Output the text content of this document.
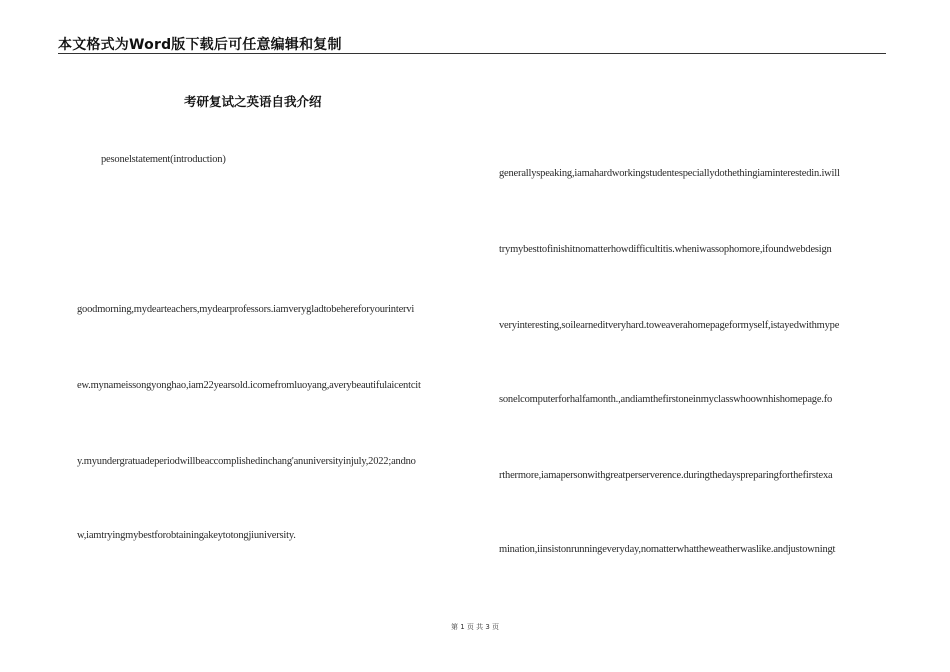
本文格式为Word版下载后可任意编辑和复制
考研复试之英语自我介绍
pesonelstatement(introduction)
goodmorning,mydearteachers,mydearprofessors.iamverygladtobehereforyourintervi
ew.mynameissongyonghao,iam22yearsold.icomefromluoyang,averybeautifulaicentcit
y.myundergratuadeperiodwillbeaccomplishedinchang'anuniversityinjuly,2022;andno
w,iamtryingmybestforobtainingakeytotongjiuniversity.
generallyspeaking,iamahardworkingstudentespeciallydothethingiaminterestedin.iwill
trymybesttofinishitnomatterhowdifficultitis.wheniwassophomore,ifoundwebdesign
veryinteresting,soilearneditveryhard.toweaverahomepageformyself,istayedwithmype
sonelcomputerforhalfamonth.,andiamthefirstoneinmyclasswhoownhishomepage.fo
rthermore,iamapersonwithgreatperserverence.duringthedayspreparingforthefirstexa
mination,iinsistonrunningeveryday,nomatterwhattheweatherwaslike.andjustowningt
第 1 页 共 3 页
